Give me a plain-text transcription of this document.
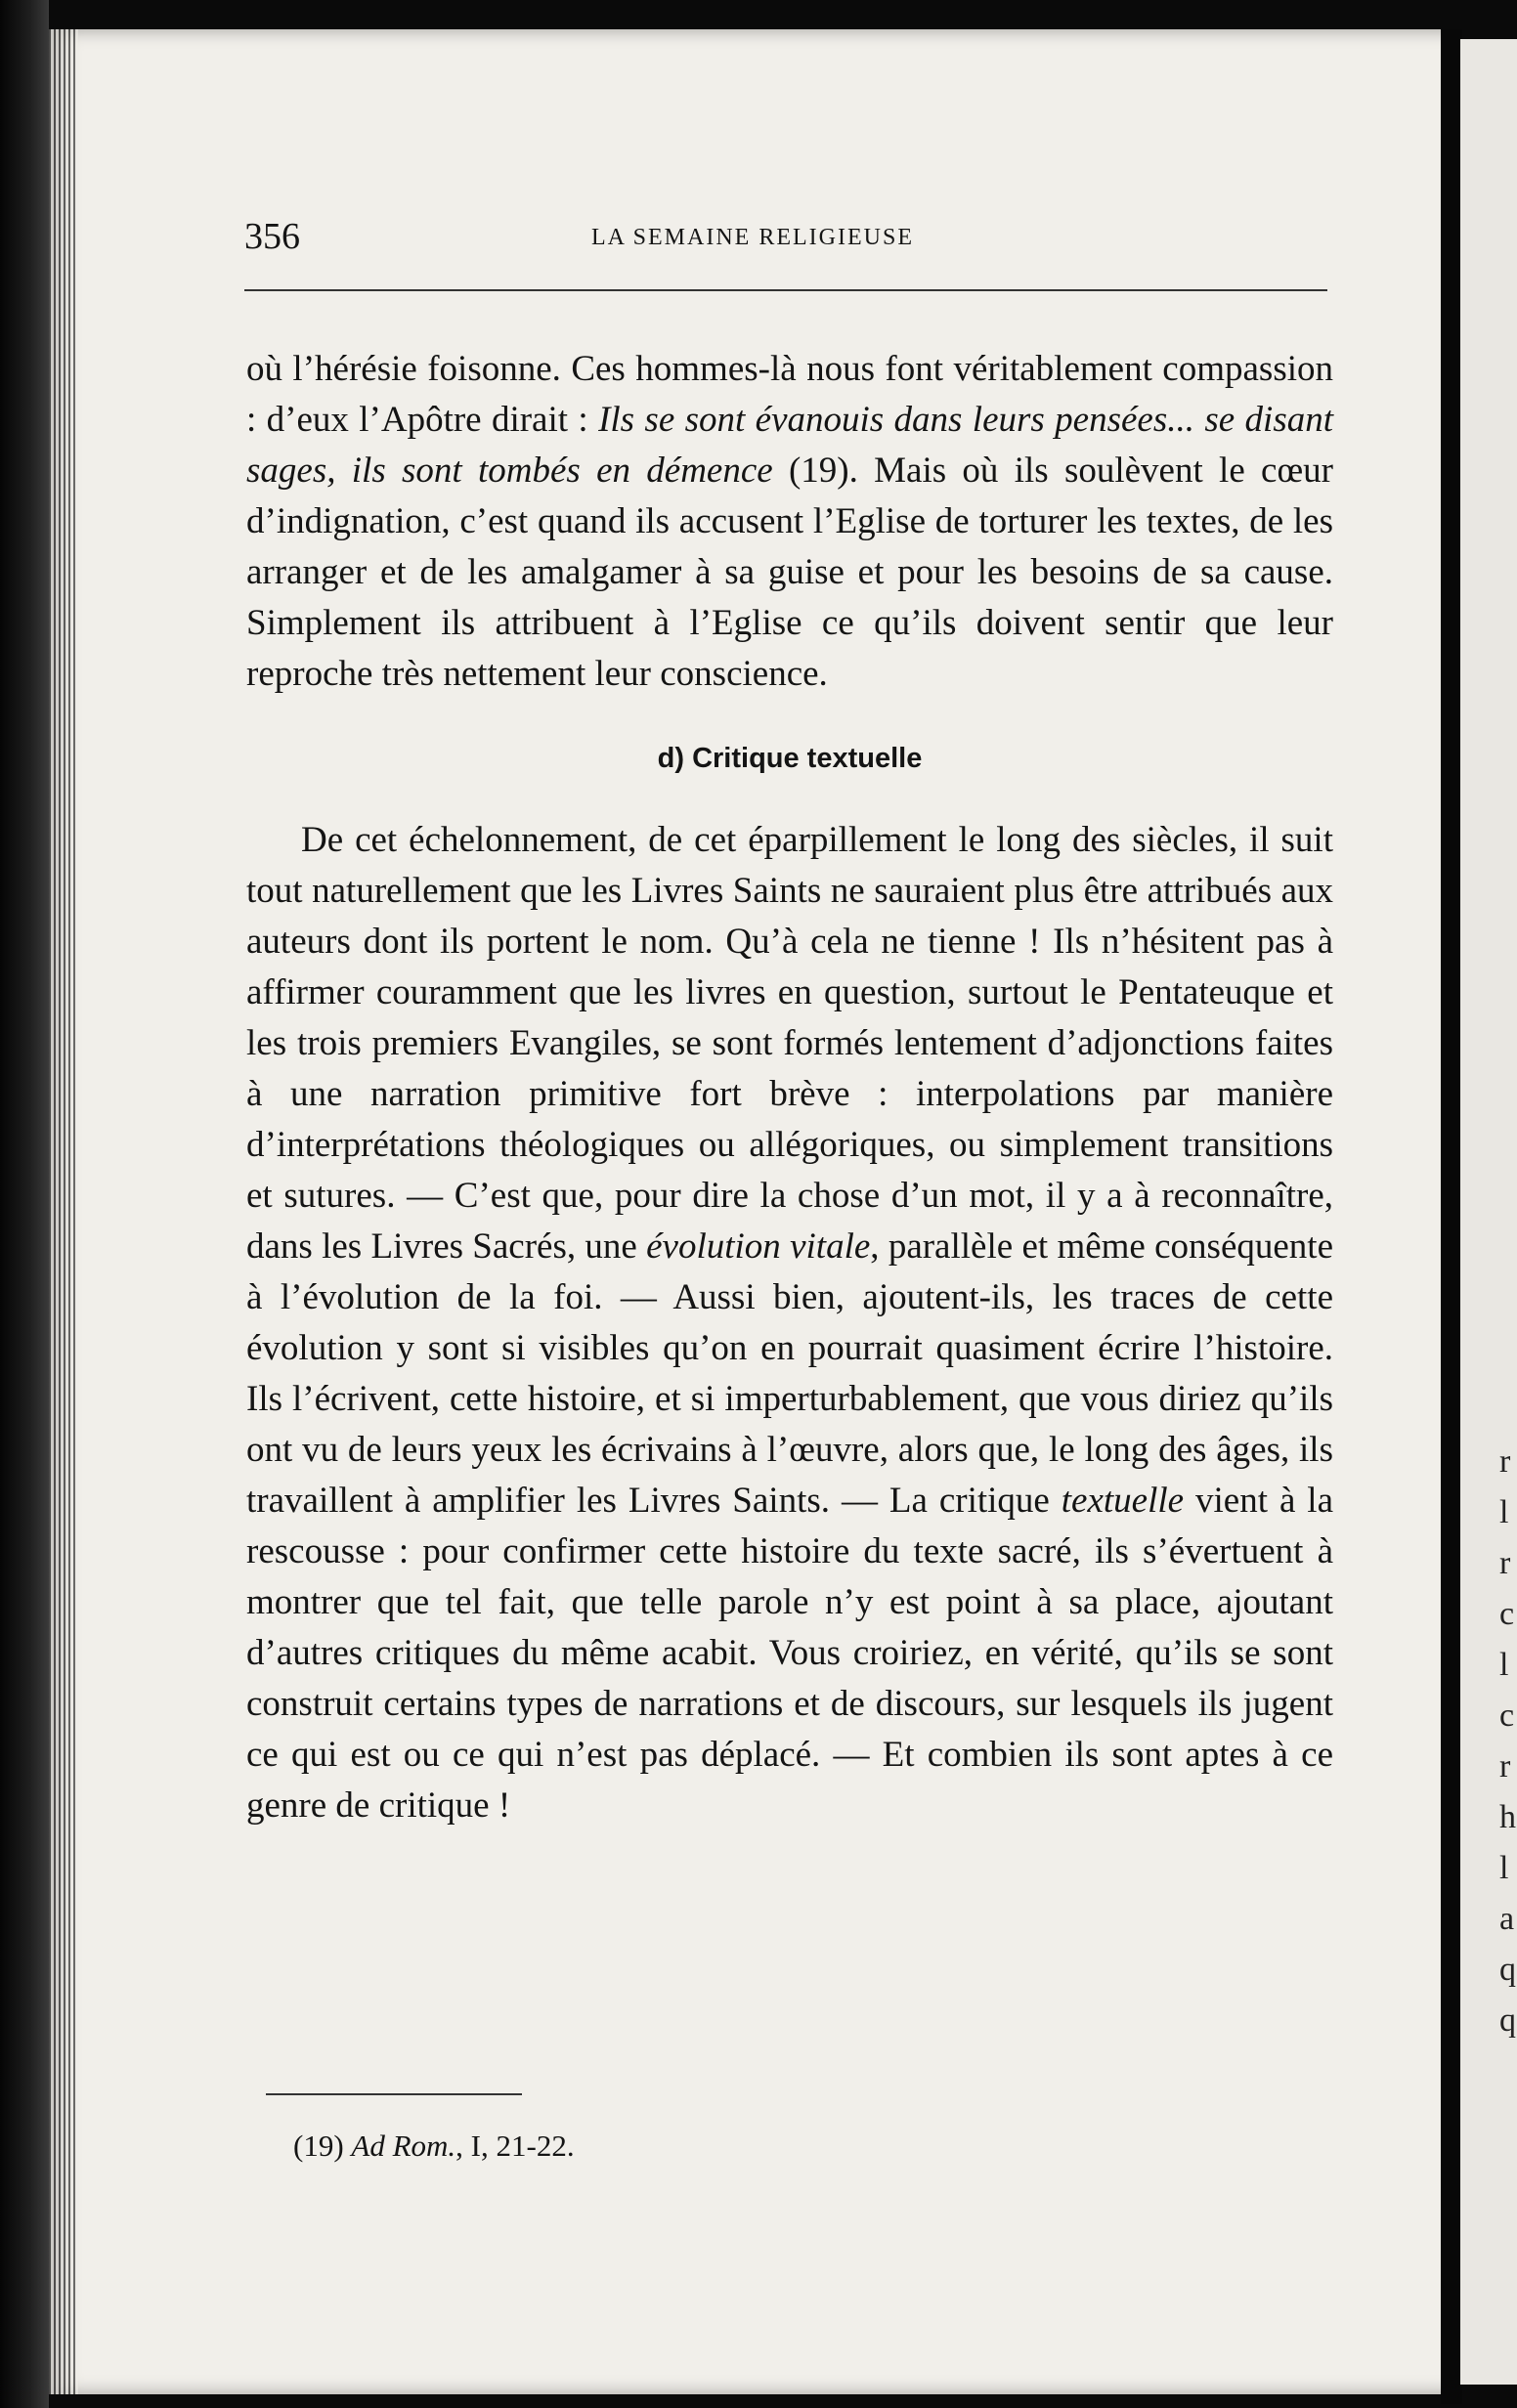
r
l
r
c
l
c
r
h
l
a
q
q
356	LA SEMAINE RELIGIEUSE

où l’hérésie foisonne. Ces hommes-là nous font véritablement compassion : d’eux l’Apôtre dirait : Ils se sont évanouis dans leurs pensées... se disant sages, ils sont tombés en démence (19). Mais où ils soulèvent le cœur d’indignation, c’est quand ils accusent l’Eglise de torturer les textes, de les arranger et de les amalgamer à sa guise et pour les besoins de sa cause. Simplement ils attribuent à l’Eglise ce qu’ils doivent sentir que leur reproche très nettement leur conscience.

d) Critique textuelle

De cet échelonnement, de cet éparpillement le long des siècles, il suit tout naturellement que les Livres Saints ne sauraient plus être attribués aux auteurs dont ils portent le nom. Qu’à cela ne tienne ! Ils n’hésitent pas à affirmer couramment que les livres en question, surtout le Pentateuque et les trois premiers Evangiles, se sont formés lentement d’adjonctions faites à une narration primitive fort brève : interpolations par manière d’interprétations théologiques ou allégoriques, ou simplement transitions et sutures. — C’est que, pour dire la chose d’un mot, il y a à reconnaître, dans les Livres Sacrés, une évolution vitale, parallèle et même conséquente à l’évolution de la foi. — Aussi bien, ajoutent-ils, les traces de cette évolution y sont si visibles qu’on en pourrait quasiment écrire l’histoire. Ils l’écrivent, cette histoire, et si imperturbablement, que vous diriez qu’ils ont vu de leurs yeux les écrivains à l’œuvre, alors que, le long des âges, ils travaillent à amplifier les Livres Saints. — La critique textuelle vient à la rescousse : pour confirmer cette histoire du texte sacré, ils s’évertuent à montrer que tel fait, que telle parole n’y est point à sa place, ajoutant d’autres critiques du même acabit. Vous croiriez, en vérité, qu’ils se sont construit certains types de narrations et de discours, sur lesquels ils jugent ce qui est ou ce qui n’est pas déplacé. — Et combien ils sont aptes à ce genre de critique !

(19) Ad Rom., I, 21-22.
